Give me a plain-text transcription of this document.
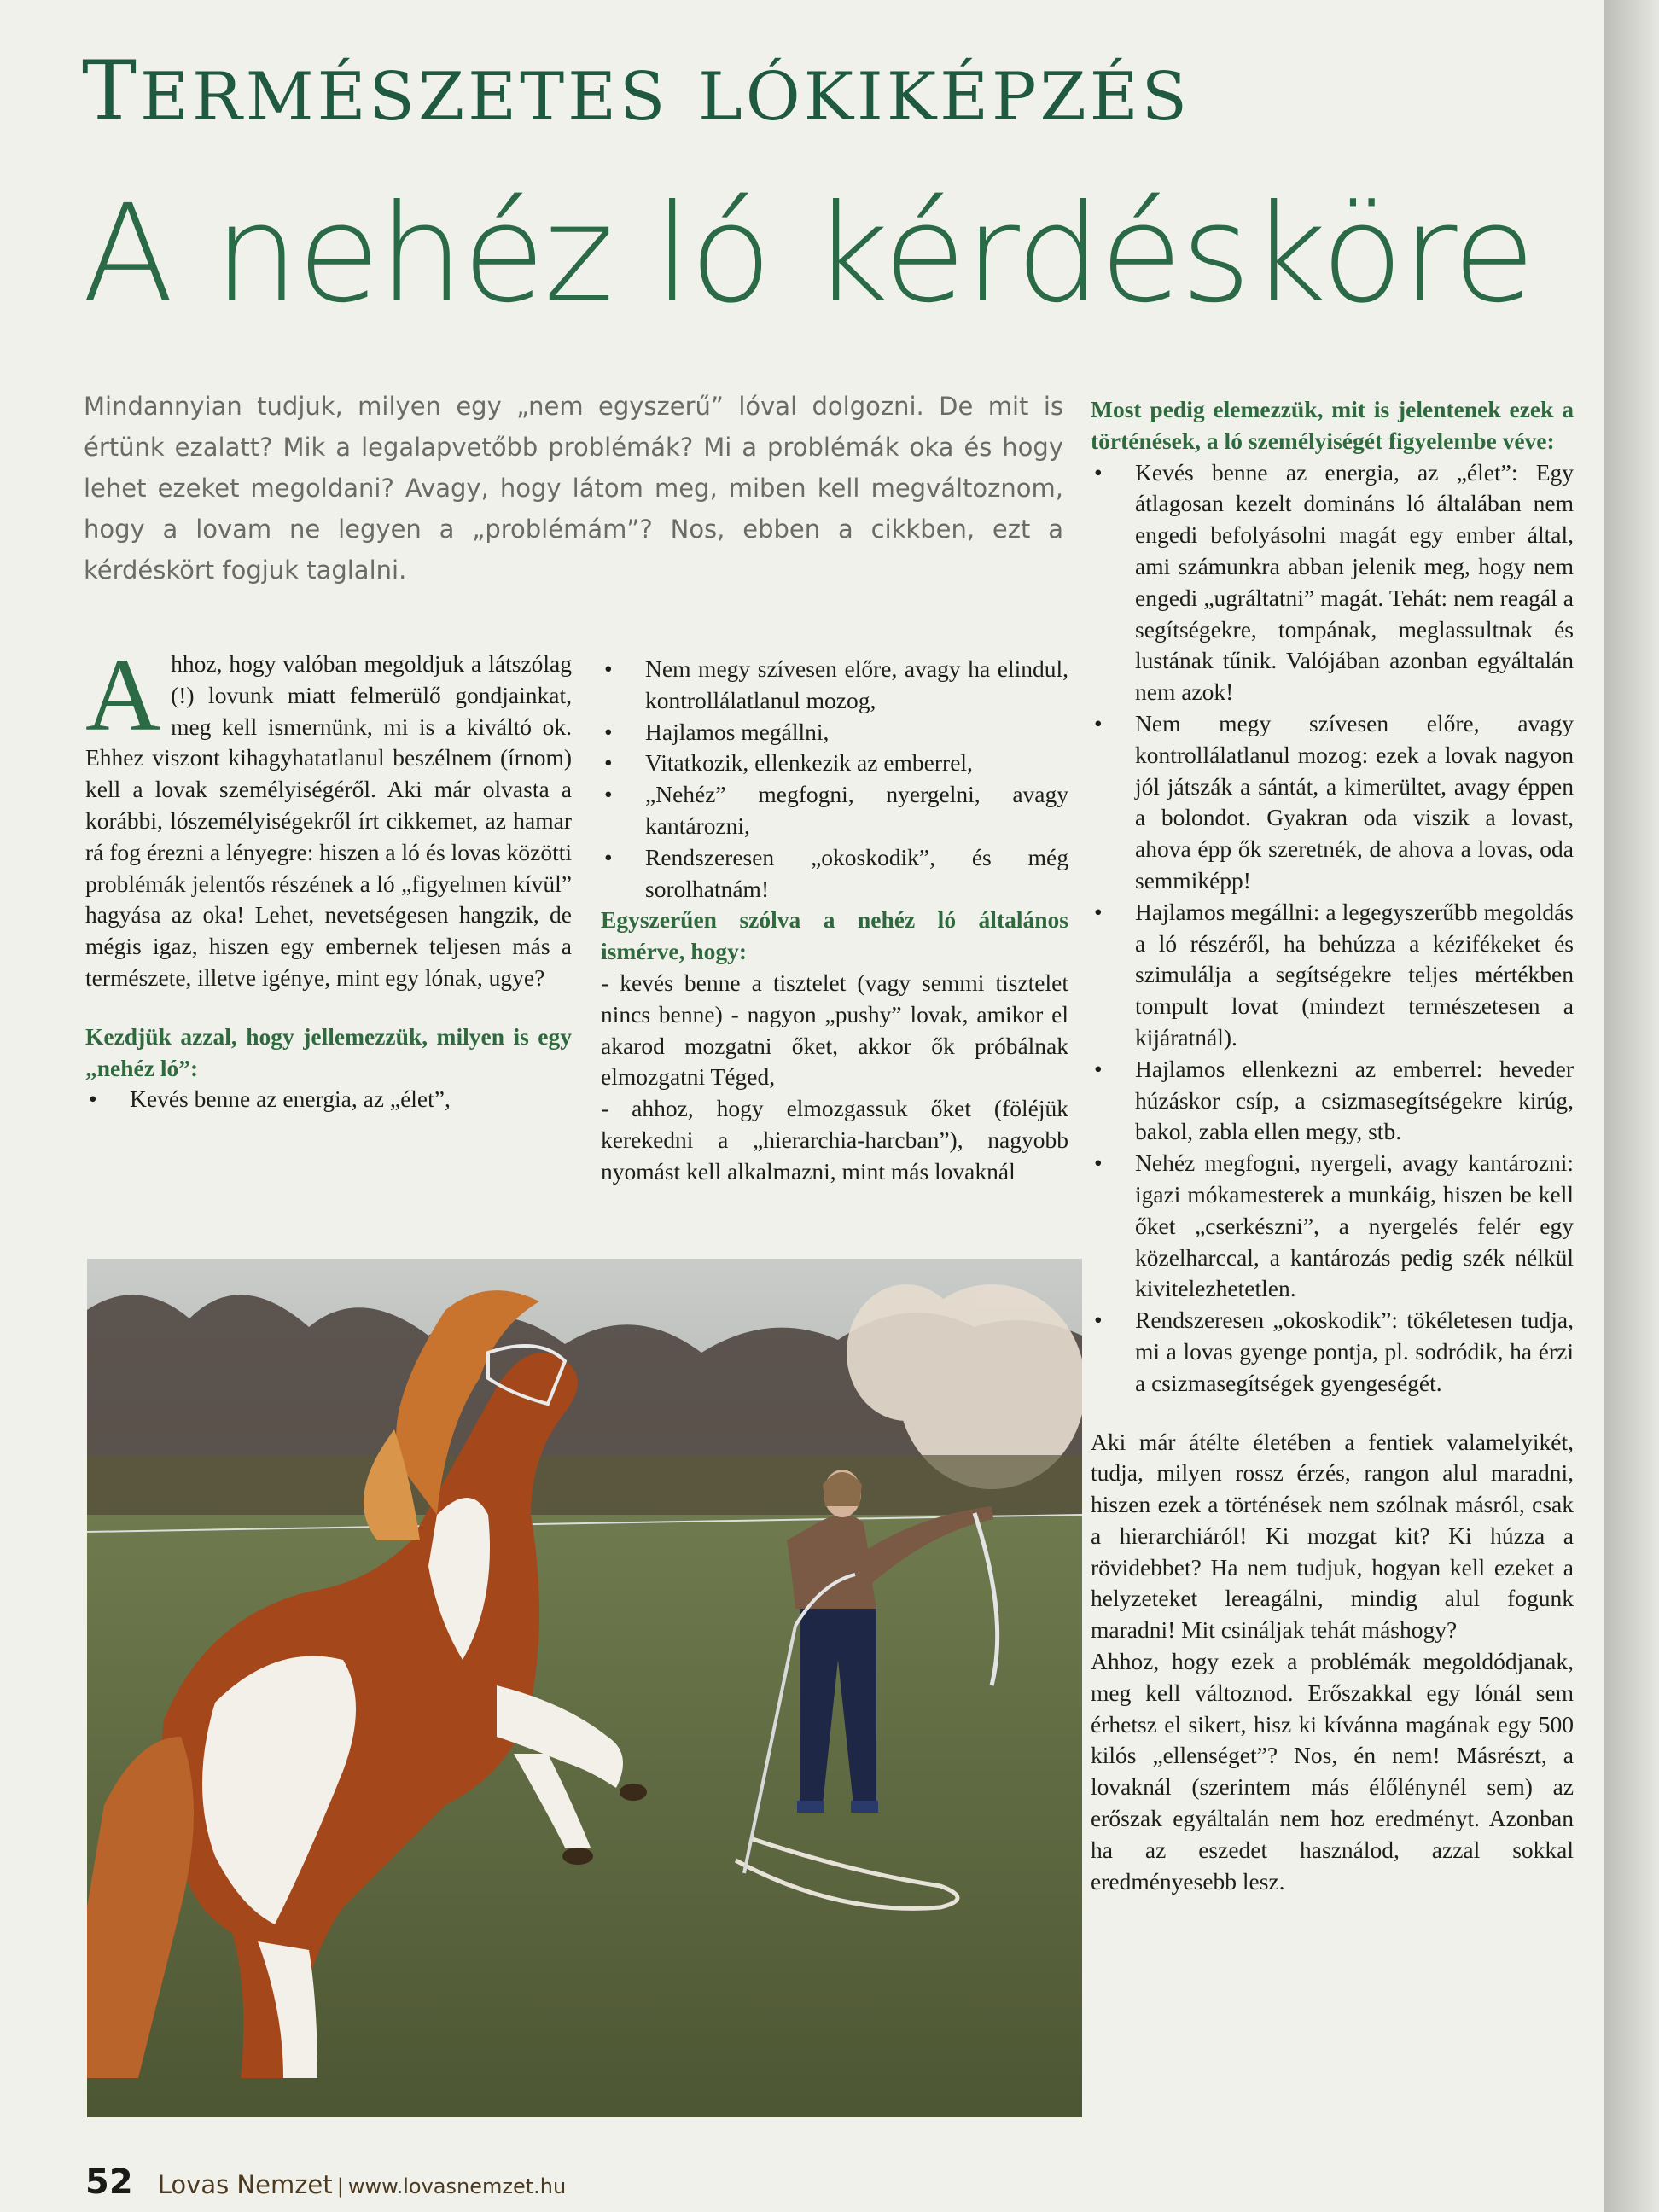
TERMÉSZETES LÓKIKÉPZÉS
A nehéz ló kérdésköre
Mindannyian tudjuk, milyen egy „nem egyszerű” lóval dolgozni. De mit is értünk ezalatt? Mik a legalapvetőbb problémák? Mi a problémák oka és hogy lehet ezeket megoldani? Avagy, hogy látom meg, miben kell megváltoznom, hogy a lovam ne legyen a „problémám”? Nos, ebben a cikkben, ezt a kérdéskört fogjuk taglalni.

Ahhoz, hogy valóban megoldjuk a látszólag (!) lovunk miatt felmerülő gondjainkat, meg kell ismernünk, mi is a kiváltó ok. Ehhez viszont kihagyhatatlanul beszélnem (írnom) kell a lovak személyiségéről. Aki már olvasta a korábbi, lószemélyiségekről írt cikkemet, az hamar rá fog érezni a lényegre: hiszen a ló és lovas közötti problémák jelentős részének a ló „figyelmen kívül” hagyása az oka! Lehet, nevetségesen hangzik, de mégis igaz, hiszen egy embernek teljesen más a természete, illetve igénye, mint egy lónak, ugye?

Kezdjük azzal, hogy jellemezzük, milyen is egy „nehéz ló”:

• Kevés benne az energia, az „élet”,
• Nem megy szívesen előre, avagy ha elindul, kontrollálatlanul mozog,
• Hajlamos megállni,
• Vitatkozik, ellenkezik az emberrel,
• „Nehéz” megfogni, nyergelni, avagy kantározni,
• Rendszeresen „okoskodik”, és még sorolhatnám!

Egyszerűen szólva a nehéz ló általános ismérve, hogy:

- kevés benne a tisztelet (vagy semmi tisztelet nincs benne) - nagyon „pushy” lovak, amikor el akarod mozgatni őket, akkor ők próbálnak elmozgatni Téged,

- ahhoz, hogy elmozgassuk őket (föléjük kerekedni a „hierarchia-harcban”), nagyobb nyomást kell alkalmazni, mint más lovaknál

Most pedig elemezzük, mit is jelentenek ezek a történések, a ló személyiségét figyelembe véve:

• Kevés benne az energia, az „élet”: Egy átlagosan kezelt domináns ló általában nem engedi befolyásolni magát egy ember által, ami számunkra abban jelenik meg, hogy nem engedi „ugráltatni” magát. Tehát: nem reagál a segítségekre, tompának, meglassultnak és lustának tűnik. Valójában azonban egyáltalán nem azok!
• Nem megy szívesen előre, avagy kontrollálatlanul mozog: ezek a lovak nagyon jól játszák a sántát, a kimerültet, avagy éppen a bolondot. Gyakran oda viszik a lovast, ahova épp ők szeretnék, de ahova a lovas, oda semmiképp!
• Hajlamos megállni: a legegyszerűbb megoldás a ló részéről, ha behúzza a kézifékeket és szimulálja a segítségekre teljes mértékben tompult lovat (mindezt természetesen a kijáratnál).
• Hajlamos ellenkezni az emberrel: heveder húzáskor csíp, a csizmasegítségekre kirúg, bakol, zabla ellen megy, stb.
• Nehéz megfogni, nyergeli, avagy kantározni: igazi mókamesterek a munkáig, hiszen be kell őket „cserkészni”, a nyergelés felér egy közelharccal, a kantározás pedig szék nélkül kivitelezhetetlen.
• Rendszeresen „okoskodik”: tökéletesen tudja, mi a lovas gyenge pontja, pl. sodródik, ha érzi a csizmasegítségek gyengeségét.

Aki már átélte életében a fentiek valamelyikét, tudja, milyen rossz érzés, rangon alul maradni, hiszen ezek a történések nem szólnak másról, csak a hierarchiáról! Ki mozgat kit? Ki húzza a rövidebbet? Ha nem tudjuk, hogyan kell ezeket a helyzeteket lereagálni, mindig alul fogunk maradni! Mit csináljak tehát máshogy?

Ahhoz, hogy ezek a problémák megoldódjanak, meg kell változnod. Erőszakkal egy lónál sem érhetsz el sikert, hisz ki kívánna magának egy 500 kilós „ellenséget”? Nos, én nem! Másrészt, a lovaknál (szerintem más élőlénynél sem) az erőszak egyáltalán nem hoz eredményt. Azonban ha az eszedet használod, azzal sokkal eredményesebb lesz.

52 Lovas Nemzet | www.lovasnemzet.hu
